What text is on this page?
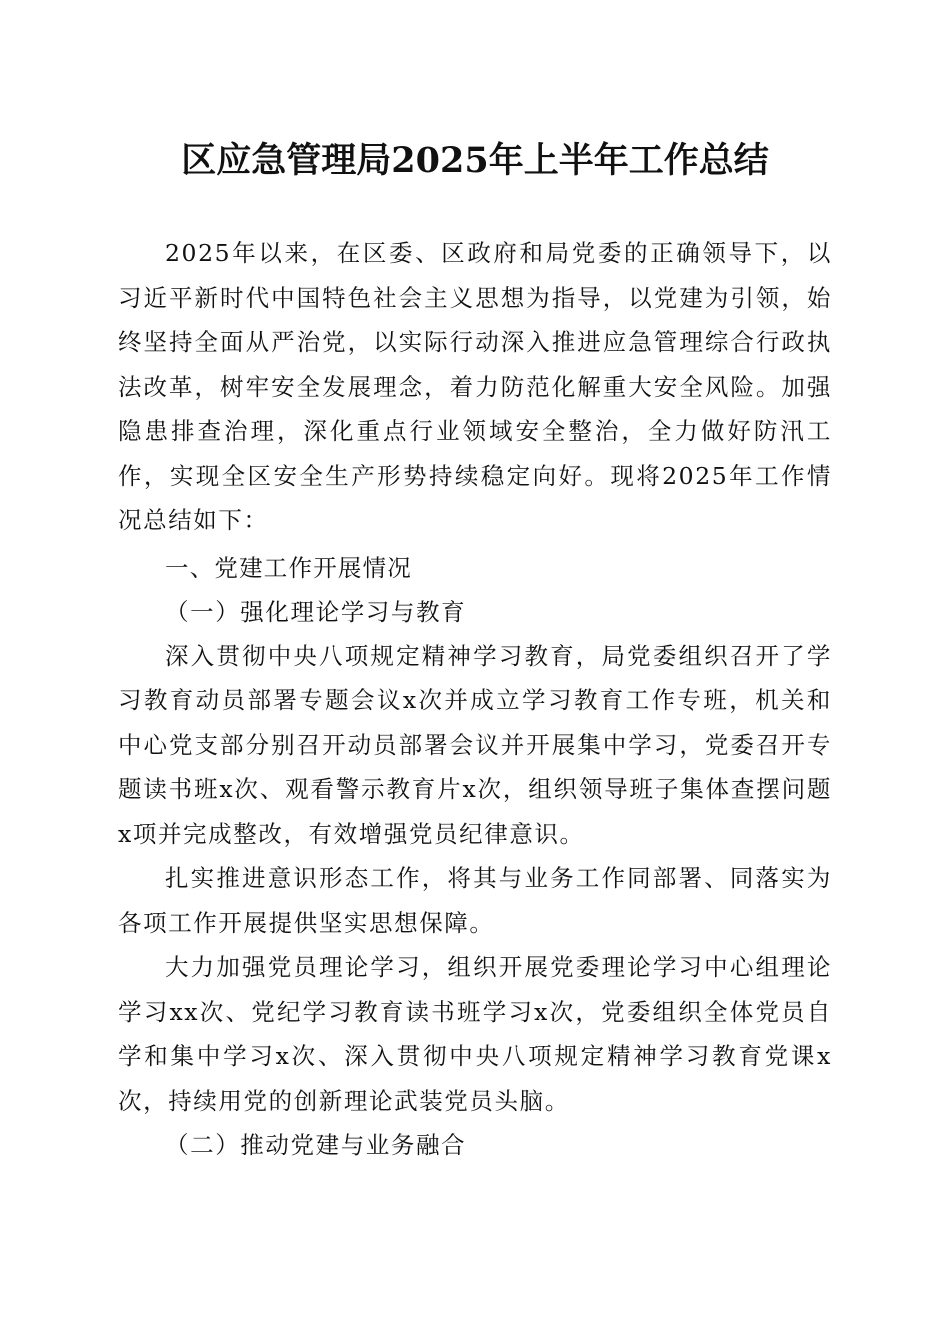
区应急管理局2025年上半年工作总结

2025年以来，在区委、区政府和局党委的正确领导下，以习近平新时代中国特色社会主义思想为指导，以党建为引领，始终坚持全面从严治党，以实际行动深入推进应急管理综合行政执法改革，树牢安全发展理念，着力防范化解重大安全风险。加强隐患排查治理，深化重点行业领域安全整治，全力做好防汛工作，实现全区安全生产形势持续稳定向好。现将2025年工作情况总结如下：

一、党建工作开展情况

（一）强化理论学习与教育

深入贯彻中央八项规定精神学习教育，局党委组织召开了学习教育动员部署专题会议x次并成立学习教育工作专班，机关和中心党支部分别召开动员部署会议并开展集中学习，党委召开专题读书班x次、观看警示教育片x次，组织领导班子集体查摆问题x项并完成整改，有效增强党员纪律意识。

扎实推进意识形态工作，将其与业务工作同部署、同落实为各项工作开展提供坚实思想保障。

大力加强党员理论学习，组织开展党委理论学习中心组理论学习xx次、党纪学习教育读书班学习x次，党委组织全体党员自学和集中学习x次、深入贯彻中央八项规定精神学习教育党课x次，持续用党的创新理论武装党员头脑。

（二）推动党建与业务融合
